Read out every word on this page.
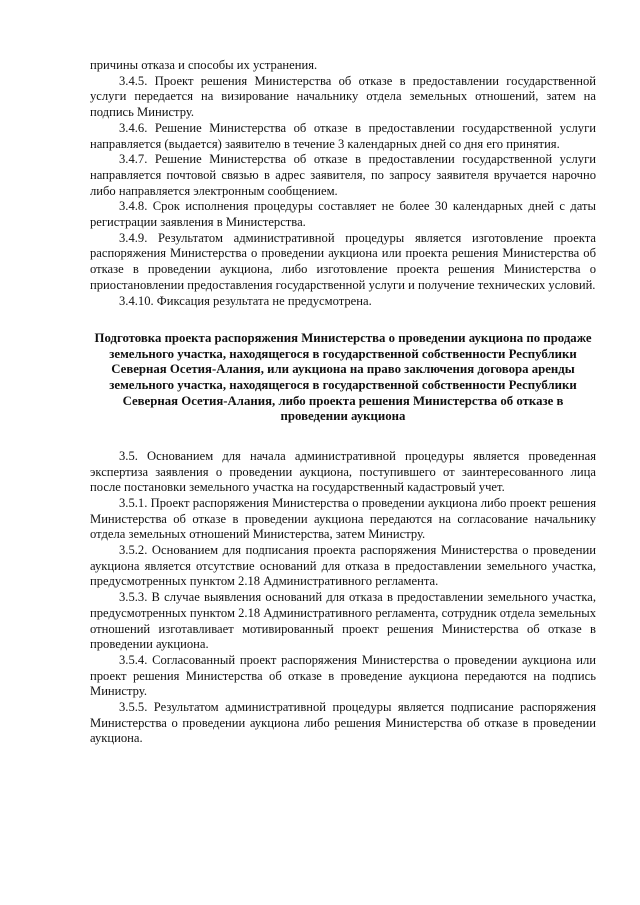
причины отказа и способы их устранения.

3.4.5. Проект решения Министерства об отказе в предоставлении государственной услуги передается на визирование начальнику отдела земельных отношений, затем на подпись Министру.

3.4.6. Решение Министерства об отказе в предоставлении государственной услуги направляется (выдается) заявителю в течение 3 календарных дней со дня его принятия.

3.4.7. Решение Министерства об отказе в предоставлении государственной услуги направляется почтовой связью в адрес заявителя, по запросу заявителя вручается нарочно либо направляется электронным сообщением.

3.4.8. Срок исполнения процедуры составляет не более 30 календарных дней с даты регистрации заявления в Министерства.

3.4.9. Результатом административной процедуры является изготовление проекта распоряжения Министерства о проведении аукциона или проекта решения Министерства об отказе в проведении аукциона, либо изготовление проекта решения Министерства о приостановлении предоставления государственной услуги и получение технических условий.

3.4.10. Фиксация результата не предусмотрена.

Подготовка проекта распоряжения Министерства о проведении аукциона по продаже земельного участка, находящегося в государственной собственности Республики Северная Осетия-Алания, или аукциона на право заключения договора аренды земельного участка, находящегося в государственной собственности Республики Северная Осетия-Алания, либо проекта решения Министерства об отказе в проведении аукциона

3.5. Основанием для начала административной процедуры является проведенная экспертиза заявления о проведении аукциона, поступившего от заинтересованного лица после постановки земельного участка на государственный кадастровый учет.

3.5.1. Проект распоряжения Министерства о проведении аукциона либо проект решения Министерства об отказе в проведении аукциона передаются на согласование начальнику отдела земельных отношений Министерства, затем Министру.

3.5.2. Основанием для подписания проекта распоряжения Министерства о проведении аукциона является отсутствие оснований для отказа в предоставлении земельного участка, предусмотренных пунктом 2.18 Административного регламента.

3.5.3. В случае выявления оснований для отказа в предоставлении земельного участка, предусмотренных пунктом 2.18 Административного регламента, сотрудник отдела земельных отношений изготавливает мотивированный проект решения Министерства об отказе в проведении аукциона.

3.5.4. Согласованный проект распоряжения Министерства о проведении аукциона или проект решения Министерства об отказе в проведение аукциона передаются на подпись Министру.

3.5.5. Результатом административной процедуры является подписание распоряжения Министерства о проведении аукциона либо решения Министерства об отказе в проведении аукциона.
